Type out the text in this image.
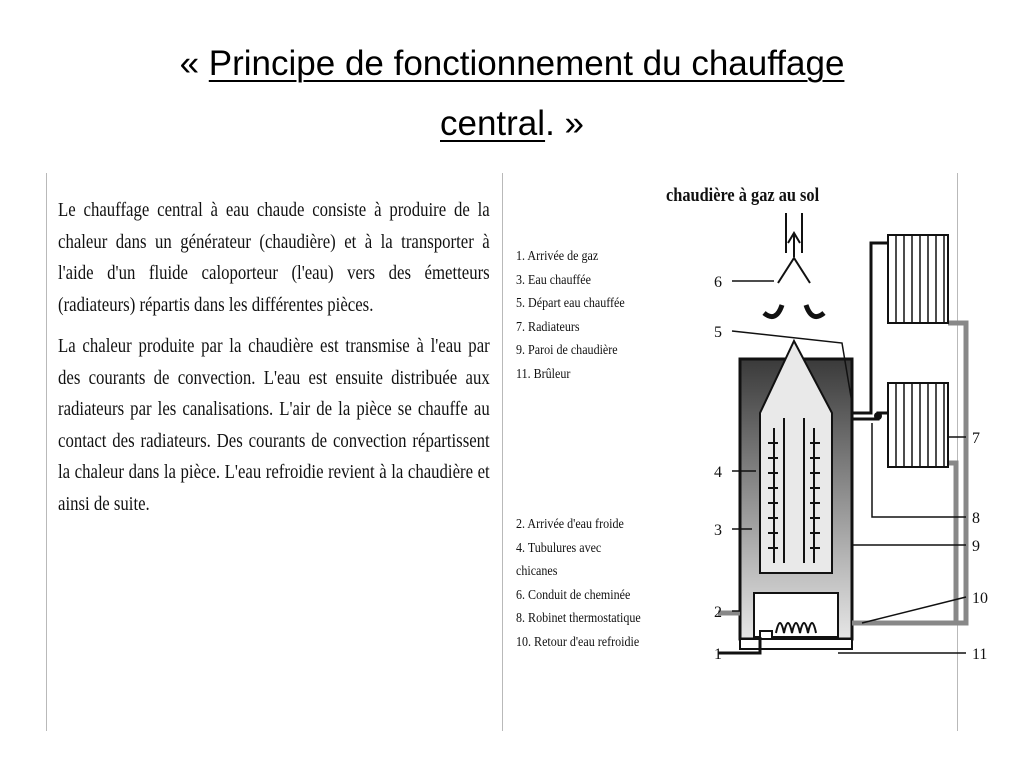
« Principe de fonctionnement du chauffage
central. »

Le chauffage central à eau chaude consiste à produire de la chaleur dans un générateur (chaudière) et à la transporter à l'aide d'un fluide caloporteur (l'eau) vers des émetteurs (radiateurs) répartis dans les différentes pièces.

La chaleur produite par la chaudière est transmise à l'eau par des courants de convection. L'eau est ensuite distribuée aux radiateurs par les canalisations. L'air de la pièce se chauffe au contact des radiateurs. Des courants de convection répartissent la chaleur dans la pièce. L'eau refroidie revient à la chaudière et ainsi de suite.

1. Arrivée de gaz
3. Eau chauffée
5. Départ eau chauffée
7. Radiateurs
9. Paroi de chaudière
11. Brûleur
2. Arrivée d'eau froide
4. Tubulures avec
chicanes
6. Conduit de cheminée
8. Robinet thermostatique
10. Retour d'eau refroidie
chaudière à gaz au sol
6
5
4
3
2
1
7
8
9
10
11
